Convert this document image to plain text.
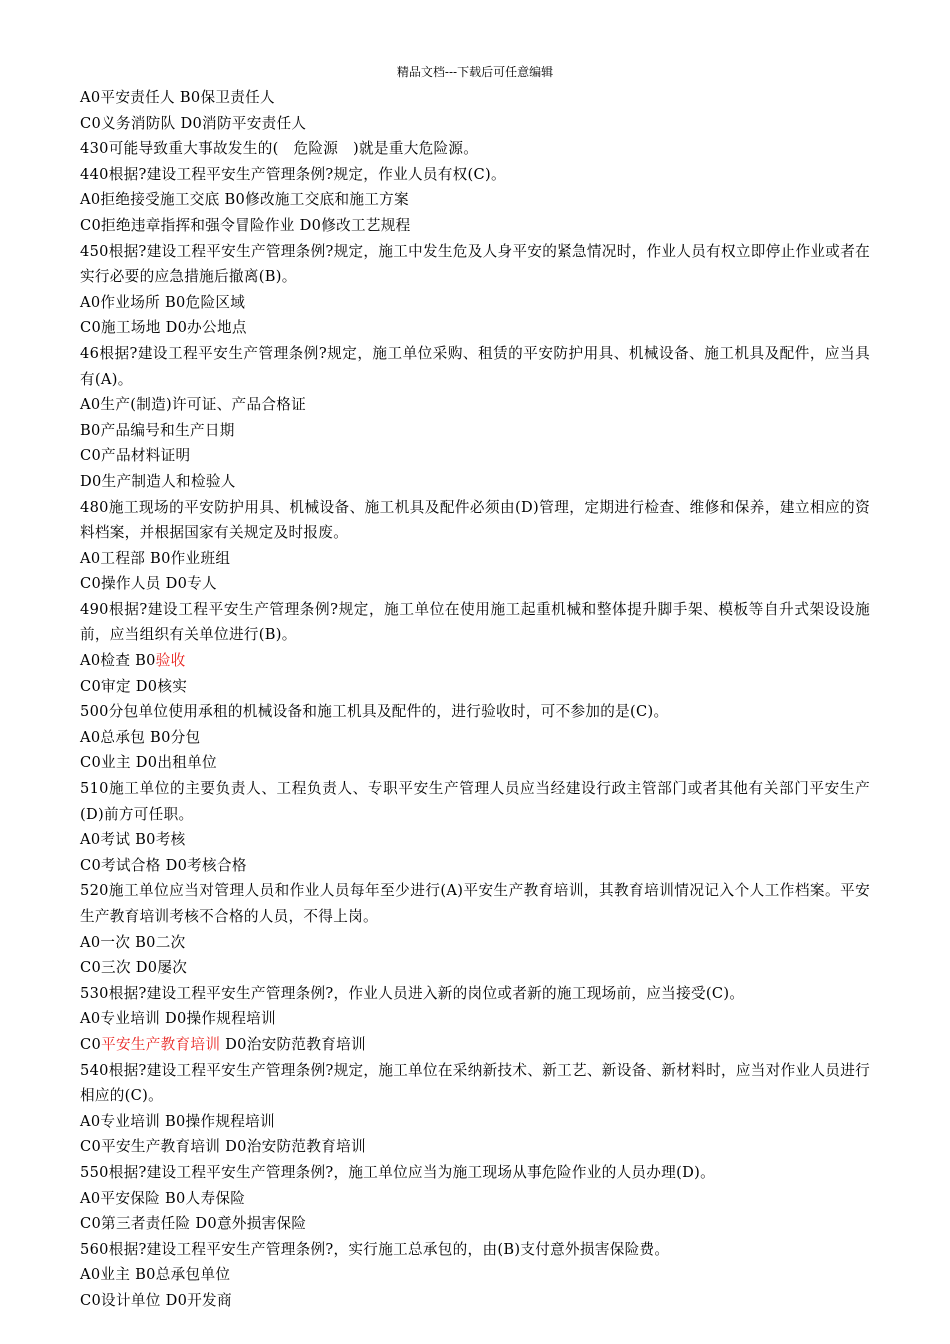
精品文档---下载后可任意编辑
A0平安责任人 B0保卫责任人
C0义务消防队 D0消防平安责任人
430可能导致重大事故发生的(　危险源　)就是重大危险源。
440根据?建设工程平安生产管理条例?规定，作业人员有权(C)。
A0拒绝接受施工交底 B0修改施工交底和施工方案
C0拒绝违章指挥和强令冒险作业 D0修改工艺规程
450根据?建设工程平安生产管理条例?规定，施工中发生危及人身平安的紧急情况时，作业人员有权立即停止作业或者在实行必要的应急措施后撤离(B)。
A0作业场所 B0危险区域
C0施工场地 D0办公地点
46根据?建设工程平安生产管理条例?规定，施工单位采购、租赁的平安防护用具、机械设备、施工机具及配件，应当具有(A)。
A0生产(制造)许可证、产品合格证
B0产品编号和生产日期
C0产品材料证明
D0生产制造人和检验人
480施工现场的平安防护用具、机械设备、施工机具及配件必须由(D)管理，定期进行检查、维修和保养，建立相应的资料档案，并根据国家有关规定及时报废。
A0工程部 B0作业班组
C0操作人员 D0专人
490根据?建设工程平安生产管理条例?规定，施工单位在使用施工起重机械和整体提升脚手架、模板等自升式架设设施前，应当组织有关单位进行(B)。
A0检查 B0验收
C0审定 D0核实
500分包单位使用承租的机械设备和施工机具及配件的，进行验收时，可不参加的是(C)。
A0总承包 B0分包
C0业主 D0出租单位
510施工单位的主要负责人、工程负责人、专职平安生产管理人员应当经建设行政主管部门或者其他有关部门平安生产(D)前方可任职。
A0考试 B0考核
C0考试合格 D0考核合格
520施工单位应当对管理人员和作业人员每年至少进行(A)平安生产教育培训，其教育培训情况记入个人工作档案。平安生产教育培训考核不合格的人员，不得上岗。
A0一次 B0二次
C0三次 D0屡次
530根据?建设工程平安生产管理条例?，作业人员进入新的岗位或者新的施工现场前，应当接受(C)。
A0专业培训 D0操作规程培训
C0平安生产教育培训 D0治安防范教育培训
540根据?建设工程平安生产管理条例?规定，施工单位在采纳新技术、新工艺、新设备、新材料时，应当对作业人员进行相应的(C)。
A0专业培训 B0操作规程培训
C0平安生产教育培训 D0治安防范教育培训
550根据?建设工程平安生产管理条例?，施工单位应当为施工现场从事危险作业的人员办理(D)。
A0平安保险 B0人寿保险
C0第三者责任险 D0意外损害保险
560根据?建设工程平安生产管理条例?，实行施工总承包的，由(B)支付意外损害保险费。
A0业主 B0总承包单位
C0设计单位 D0开发商
